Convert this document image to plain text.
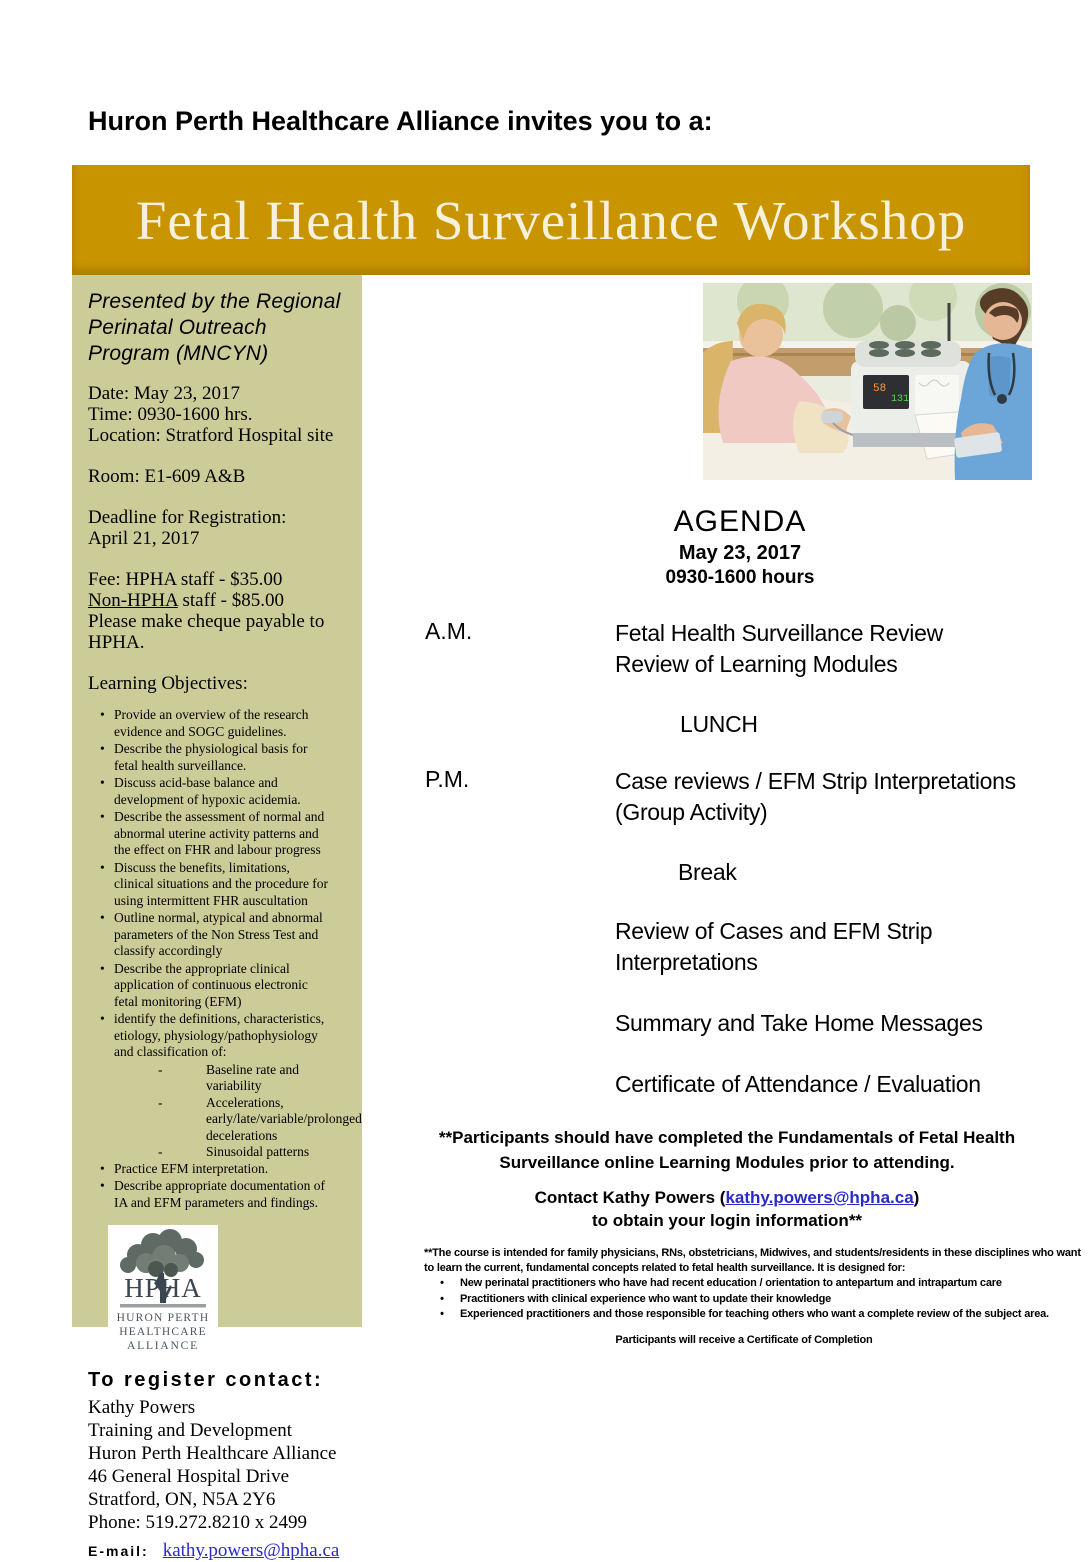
Huron Perth Healthcare Alliance invites you to a:
Fetal Health Surveillance Workshop
Presented by the Regional
Perinatal Outreach
Program (MNCYN)
Date: May 23, 2017
Time: 0930-1600 hrs.
Location: Stratford Hospital site
Room: E1-609 A&B
Deadline for Registration:
April 21, 2017
Fee: HPHA staff - $35.00
Non-HPHA staff - $85.00
Please make cheque payable to
HPHA.
Learning Objectives:
• Provide an overview of the research evidence and SOGC guidelines.
• Describe the physiological basis for fetal health surveillance.
• Discuss acid-base balance and development of hypoxic acidemia.
• Describe the assessment of normal and abnormal uterine activity patterns and the effect on FHR and labour progress
• Discuss the benefits, limitations, clinical situations and the procedure for using intermittent FHR auscultation
• Outline normal, atypical and abnormal parameters of the Non Stress Test and classify accordingly
• Describe the appropriate clinical application of continuous electronic fetal monitoring (EFM)
• identify the definitions, characteristics, etiology, physiology/pathophysiology and classification of:
-	Baseline rate and variability
-	Accelerations, early/late/variable/prolonged decelerations
-	Sinusoidal patterns
• Practice EFM interpretation.
• Describe appropriate documentation of IA and EFM parameters and findings.
HPHA
HURON PERTH
HEALTHCARE
ALLIANCE
To register contact:
Kathy Powers
Training and Development
Huron Perth Healthcare Alliance
46 General Hospital Drive
Stratford, ON, N5A 2Y6
Phone: 519.272.8210 x 2499
E-mail: kathy.powers@hpha.ca
58
131
AGENDA
May 23, 2017
0930-1600 hours
A.M.	Fetal Health Surveillance Review
Review of Learning Modules
LUNCH
P.M.	Case reviews / EFM Strip Interpretations
(Group Activity)
Break
Review of Cases and EFM Strip
Interpretations
Summary and Take Home Messages
Certificate of Attendance / Evaluation
**Participants should have completed the Fundamentals of Fetal Health
Surveillance online Learning Modules prior to attending.
Contact Kathy Powers (kathy.powers@hpha.ca)
to obtain your login information**
**The course is intended for family physicians, RNs, obstetricians, Midwives, and students/residents in these disciplines who want to learn the current, fundamental concepts related to fetal health surveillance. It is designed for:
•	New perinatal practitioners who have had recent education / orientation to antepartum and intrapartum care
•	Practitioners with clinical experience who want to update their knowledge
•	Experienced practitioners and those responsible for teaching others who want a complete review of the subject area.
Participants will receive a Certificate of Completion
